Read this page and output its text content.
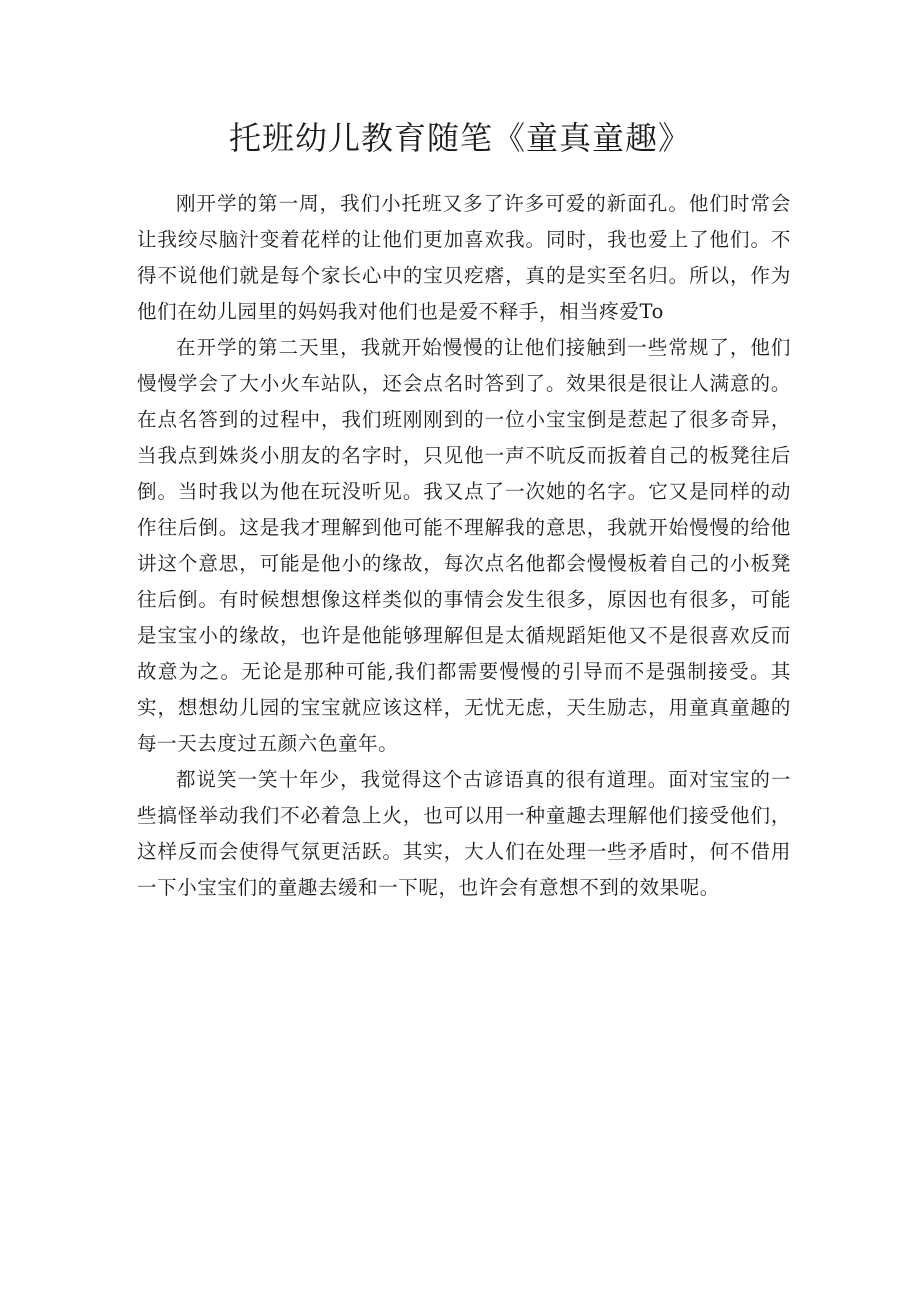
托班幼儿教育随笔《童真童趣》

刚开学的第一周，我们小托班又多了许多可爱的新面孔。他们时常会让我绞尽脑汁变着花样的让他们更加喜欢我。同时，我也爱上了他们。不得不说他们就是每个家长心中的宝贝疙瘩，真的是实至名归。所以，作为他们在幼儿园里的妈妈我对他们也是爱不释手，相当疼爱To

在开学的第二天里，我就开始慢慢的让他们接触到一些常规了，他们慢慢学会了大小火车站队，还会点名时答到了。效果很是很让人满意的。在点名答到的过程中，我们班刚刚到的一位小宝宝倒是惹起了很多奇异，当我点到姝炎小朋友的名字时，只见他一声不吭反而扳着自己的板凳往后倒。当时我以为他在玩没听见。我又点了一次她的名字。它又是同样的动作往后倒。这是我才理解到他可能不理解我的意思，我就开始慢慢的给他讲这个意思，可能是他小的缘故，每次点名他都会慢慢板着自己的小板凳往后倒。有时候想想像这样类似的事情会发生很多，原因也有很多，可能是宝宝小的缘故，也许是他能够理解但是太循规蹈矩他又不是很喜欢反而故意为之。无论是那种可能,我们都需要慢慢的引导而不是强制接受。其实，想想幼儿园的宝宝就应该这样，无忧无虑，天生励志，用童真童趣的每一天去度过五颜六色童年。

都说笑一笑十年少，我觉得这个古谚语真的很有道理。面对宝宝的一些搞怪举动我们不必着急上火，也可以用一种童趣去理解他们接受他们，这样反而会使得气氛更活跃。其实，大人们在处理一些矛盾时，何不借用一下小宝宝们的童趣去缓和一下呢，也许会有意想不到的效果呢。
